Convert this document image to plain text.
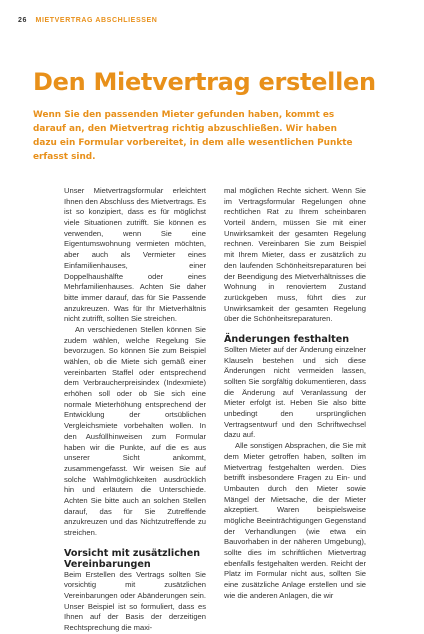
26 MIETVERTRAG ABSCHLIESSEN
Den Mietvertrag erstellen

Wenn Sie den passenden Mieter gefunden haben, kommt es darauf an, den Mietvertrag richtig abzuschließen. Wir haben dazu ein Formular vorbereitet, in dem alle wesentlichen Punkte erfasst sind.

Unser Mietvertragsformular erleichtert Ihnen den Abschluss des Mietvertrags. Es ist so konzipiert, dass es für möglichst viele Situationen zutrifft. Sie können es verwenden, wenn Sie eine Eigentumswohnung vermieten möchten, aber auch als Vermieter eines Einfamilienhauses, einer Doppelhaushälfte oder eines Mehrfamilienhauses. Achten Sie daher bitte immer darauf, das für Sie Passende anzukreuzen. Was für Ihr Mietverhältnis nicht zutrifft, sollten Sie streichen.

An verschiedenen Stellen können Sie zudem wählen, welche Regelung Sie bevorzugen. So können Sie zum Beispiel wählen, ob die Miete sich gemäß einer vereinbarten Staffel oder entsprechend dem Verbraucherpreisindex (Indexmiete) erhöhen soll oder ob Sie sich eine normale Mieterhöhung entsprechend der Entwicklung der ortsüblichen Vergleichsmiete vorbehalten wollen. In den Ausfüllhinweisen zum Formular haben wir die Punkte, auf die es aus unserer Sicht ankommt, zusammengefasst. Wir weisen Sie auf solche Wahlmöglichkeiten ausdrücklich hin und erläutern die Unterschiede. Achten Sie bitte auch an solchen Stellen darauf, das für Sie Zutreffende anzukreuzen und das Nichtzutreffende zu streichen.

Vorsicht mit zusätzlichen Vereinbarungen

Beim Erstellen des Vertrags sollten Sie vorsichtig mit zusätzlichen Vereinbarungen oder Abänderungen sein. Unser Beispiel ist so formuliert, dass es Ihnen auf der Basis der derzeitigen Rechtsprechung die maxi-

mal möglichen Rechte sichert. Wenn Sie im Vertragsformular Regelungen ohne rechtlichen Rat zu Ihrem scheinbaren Vorteil ändern, müssen Sie mit einer Unwirksamkeit der gesamten Regelung rechnen. Vereinbaren Sie zum Beispiel mit Ihrem Mieter, dass er zusätzlich zu den laufenden Schönheitsreparaturen bei der Beendigung des Mietverhältnisses die Wohnung in renoviertem Zustand zurückgeben muss, führt dies zur Unwirksamkeit der gesamten Regelung über die Schönheitsreparaturen.

Änderungen festhalten

Sollten Mieter auf der Änderung einzelner Klauseln bestehen und sich diese Änderungen nicht vermeiden lassen, sollten Sie sorgfältig dokumentieren, dass die Änderung auf Veranlassung der Mieter erfolgt ist. Heben Sie also bitte unbedingt den ursprünglichen Vertragsentwurf und den Schriftwechsel dazu auf.

Alle sonstigen Absprachen, die Sie mit dem Mieter getroffen haben, sollten im Mietvertrag festgehalten werden. Dies betrifft insbesondere Fragen zu Ein- und Umbauten durch den Mieter sowie Mängel der Mietsache, die der Mieter akzeptiert. Waren beispielsweise mögliche Beeinträchtigungen Gegenstand der Verhandlungen (wie etwa ein Bauvorhaben in der näheren Umgebung), sollte dies im schriftlichen Mietvertrag ebenfalls festgehalten werden. Reicht der Platz im Formular nicht aus, sollten Sie eine zusätzliche Anlage erstellen und sie wie die anderen Anlagen, die wir
